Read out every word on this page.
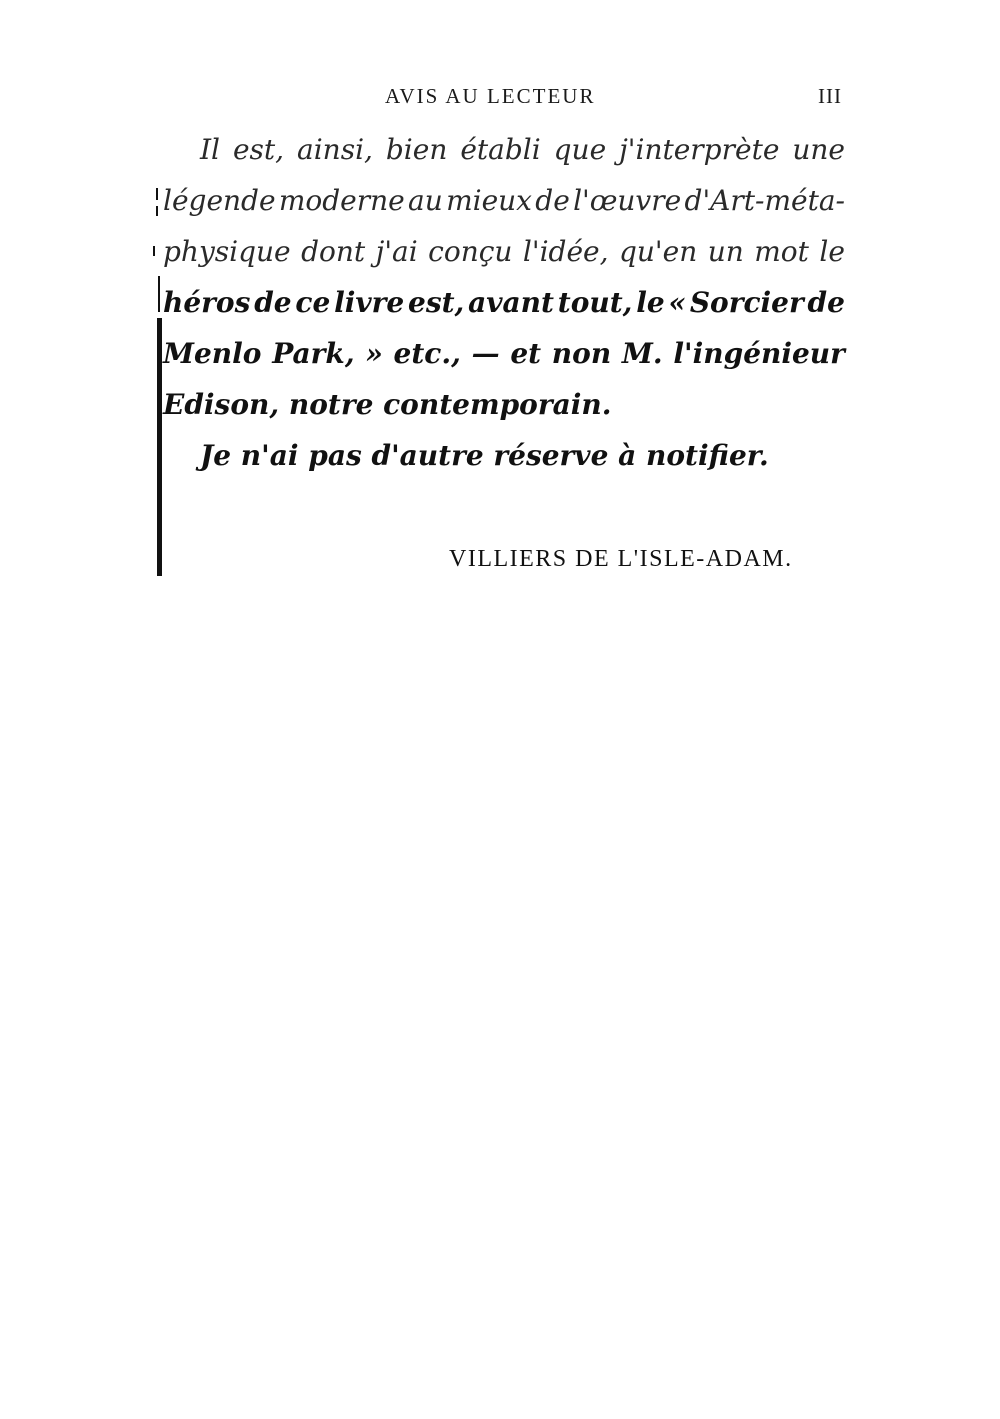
AVIS AU LECTEUR	III
Il est, ainsi, bien établi que j'interprète une
légende moderne au mieux de l'œuvre d'Art-méta-
physique dont j'ai conçu l'idée, qu'en un mot le
héros de ce livre est, avant tout, le « Sorcier de
Menlo Park, » etc., — et non M. l'ingénieur
Edison, notre contemporain.
Je n'ai pas d'autre réserve à notifier.
VILLIERS DE L'ISLE-ADAM.
